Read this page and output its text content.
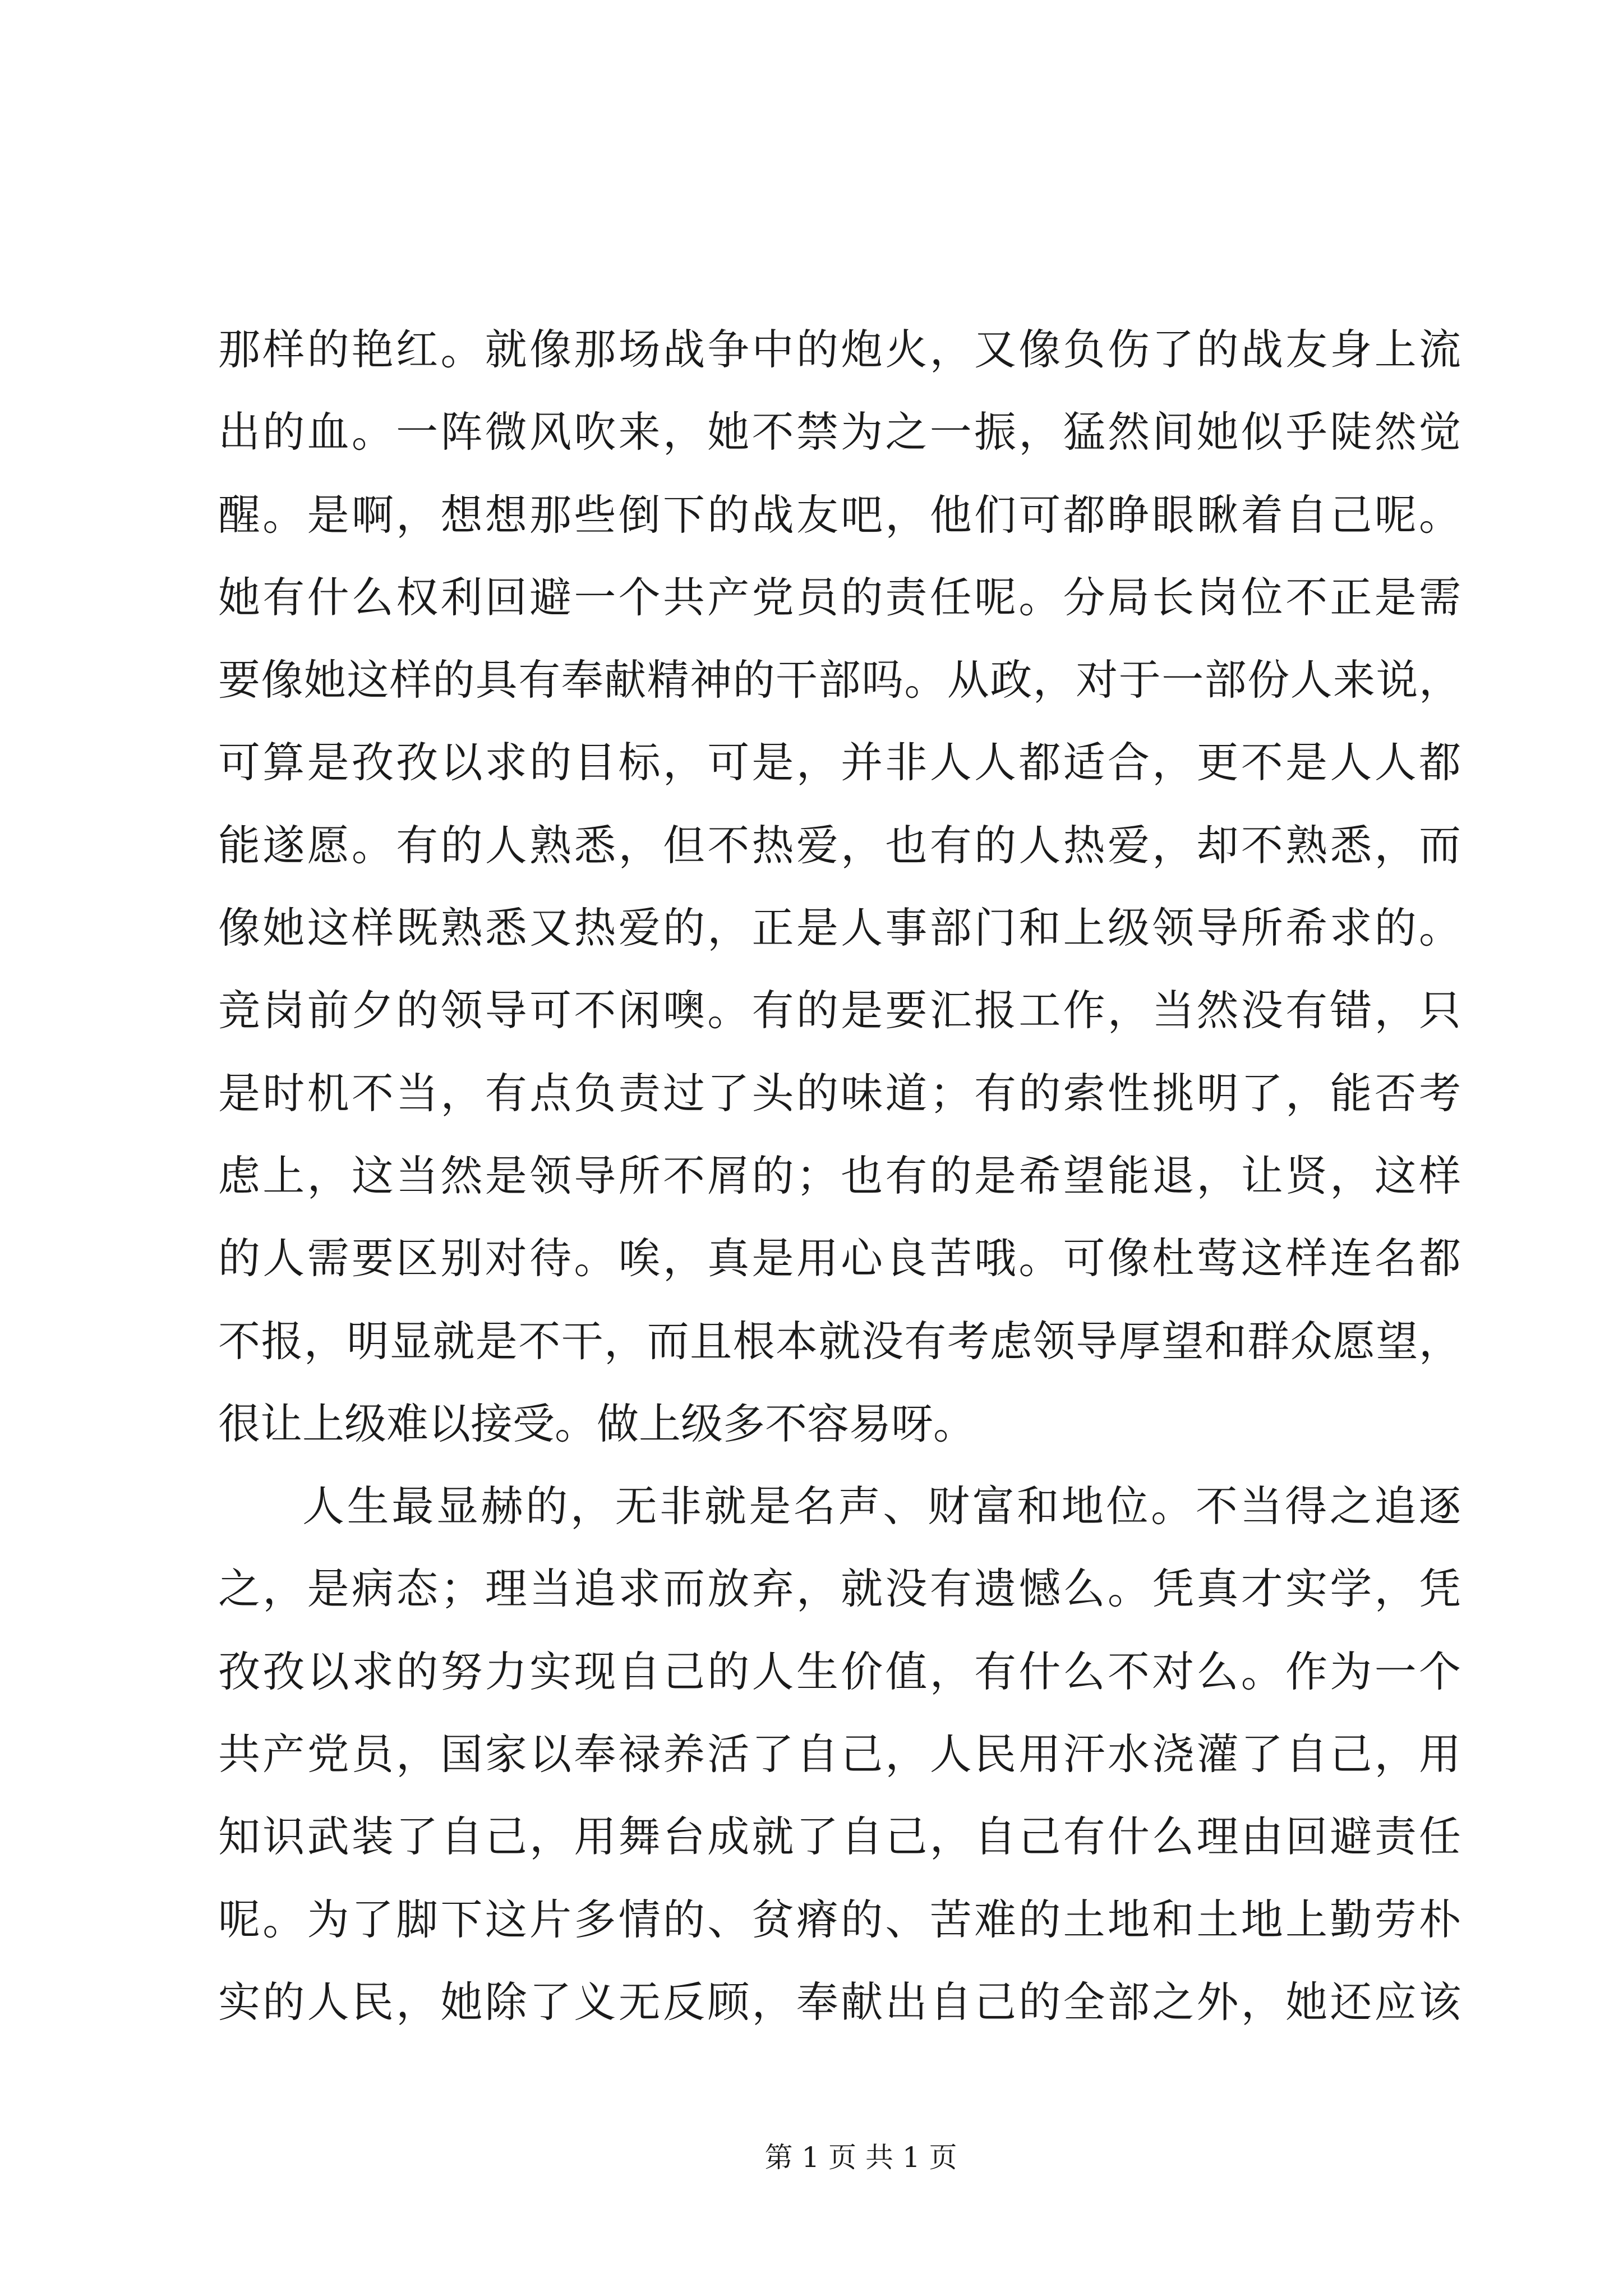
那样的艳红。就像那场战争中的炮火，又像负伤了的战友身上流
出的血。一阵微风吹来，她不禁为之一振，猛然间她似乎陡然觉
醒。是啊，想想那些倒下的战友吧，他们可都睁眼瞅着自己呢。
她有什么权利回避一个共产党员的责任呢。分局长岗位不正是需
要像她这样的具有奉献精神的干部吗。从政，对于一部份人来说，
可算是孜孜以求的目标，可是，并非人人都适合，更不是人人都
能遂愿。有的人熟悉，但不热爱，也有的人热爱，却不熟悉，而
像她这样既熟悉又热爱的，正是人事部门和上级领导所希求的。
竞岗前夕的领导可不闲噢。有的是要汇报工作，当然没有错，只
是时机不当，有点负责过了头的味道；有的索性挑明了，能否考
虑上，这当然是领导所不屑的；也有的是希望能退，让贤，这样
的人需要区别对待。唉，真是用心良苦哦。可像杜莺这样连名都
不报，明显就是不干，而且根本就没有考虑领导厚望和群众愿望，
很让上级难以接受。做上级多不容易呀。
人生最显赫的，无非就是名声、财富和地位。不当得之追逐
之，是病态；理当追求而放弃，就没有遗憾么。凭真才实学，凭
孜孜以求的努力实现自己的人生价值，有什么不对么。作为一个
共产党员，国家以奉禄养活了自己，人民用汗水浇灌了自己，用
知识武装了自己，用舞台成就了自己，自己有什么理由回避责任
呢。为了脚下这片多情的、贫瘠的、苦难的土地和土地上勤劳朴
实的人民，她除了义无反顾，奉献出自己的全部之外，她还应该
第 1 页 共 1 页
